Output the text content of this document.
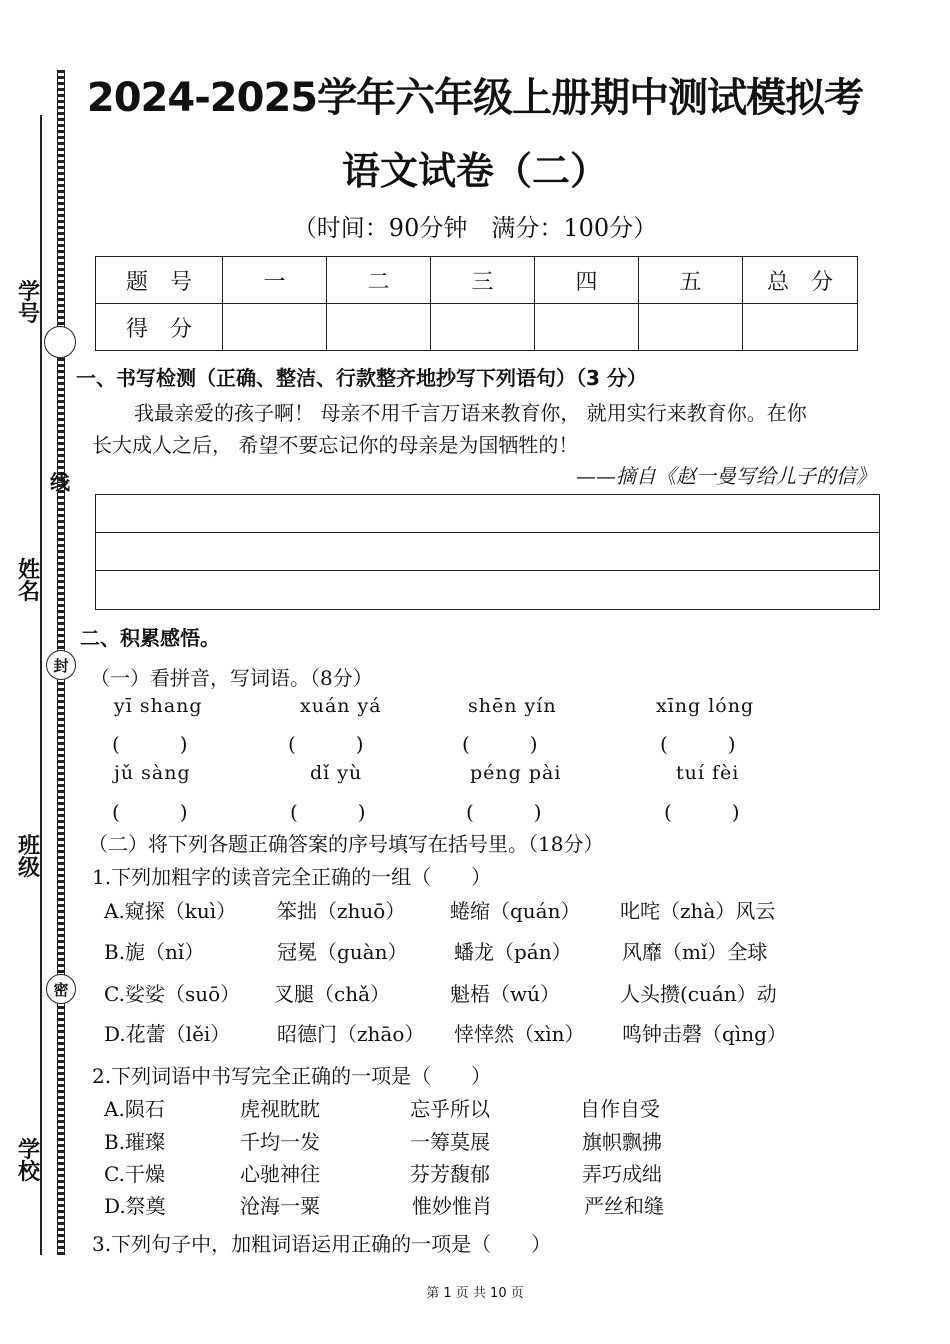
学 号
姓 名
班 级
学 校
线
封
密
2024-2025学年六年级上册期中测试模拟考
语文试卷（二）
（时间：90分钟　满分：100分）
题　号	一	二	三	四	五	总　分
得　分						
一、书写检测（正确、整洁、行款整齐地抄写下列语句）（3 分）
我最亲爱的孩子啊！ 母亲不用千言万语来教育你， 就用实行来教育你。在你
长大成人之后， 希望不要忘记你的母亲是为国牺牲的！
——摘自《赵一曼写给儿子的信》
二、积累感悟。
（一）看拼音，写词语。（8分）
yī shang	xuán yá	shēn yín	xīng lóng
(　　　)	(　　　)	(　　　)	(　　　)
jǔ sàng	dǐ yù	péng pài	tuí fèi
(　　　)	(　　　)	(　　　)	(　　　)
（二）将下列各题正确答案的序号填写在括号里。（18分）
1.下列加粗字的读音完全正确的一组（　　）
A.窥探（kuì） 笨拙（zhuō） 蜷缩（quán） 叱咤（zhà）风云
B.旎（nǐ）	冠冕（guàn） 蟠龙（pán）	风靡（mǐ）全球
C.娑娑（suō） 叉腿（chǎ）	魁梧（wú）	人头攒(cuán）动
D.花蕾（lěi） 昭德门（zhāo） 悻悻然（xìn） 鸣钟击磬（qìng）
2.下列词语中书写完全正确的一项是（　　）
A.陨石	虎视眈眈	忘乎所以	自作自受
B.璀璨	千均一发	一筹莫展	旗帜飘拂
C.干燥	心驰神往	芬芳馥郁	弄巧成绌
D.祭奠	沧海一粟	惟妙惟肖	严丝和缝
3.下列句子中，加粗词语运用正确的一项是（　　）
第 1 页 共 10 页
